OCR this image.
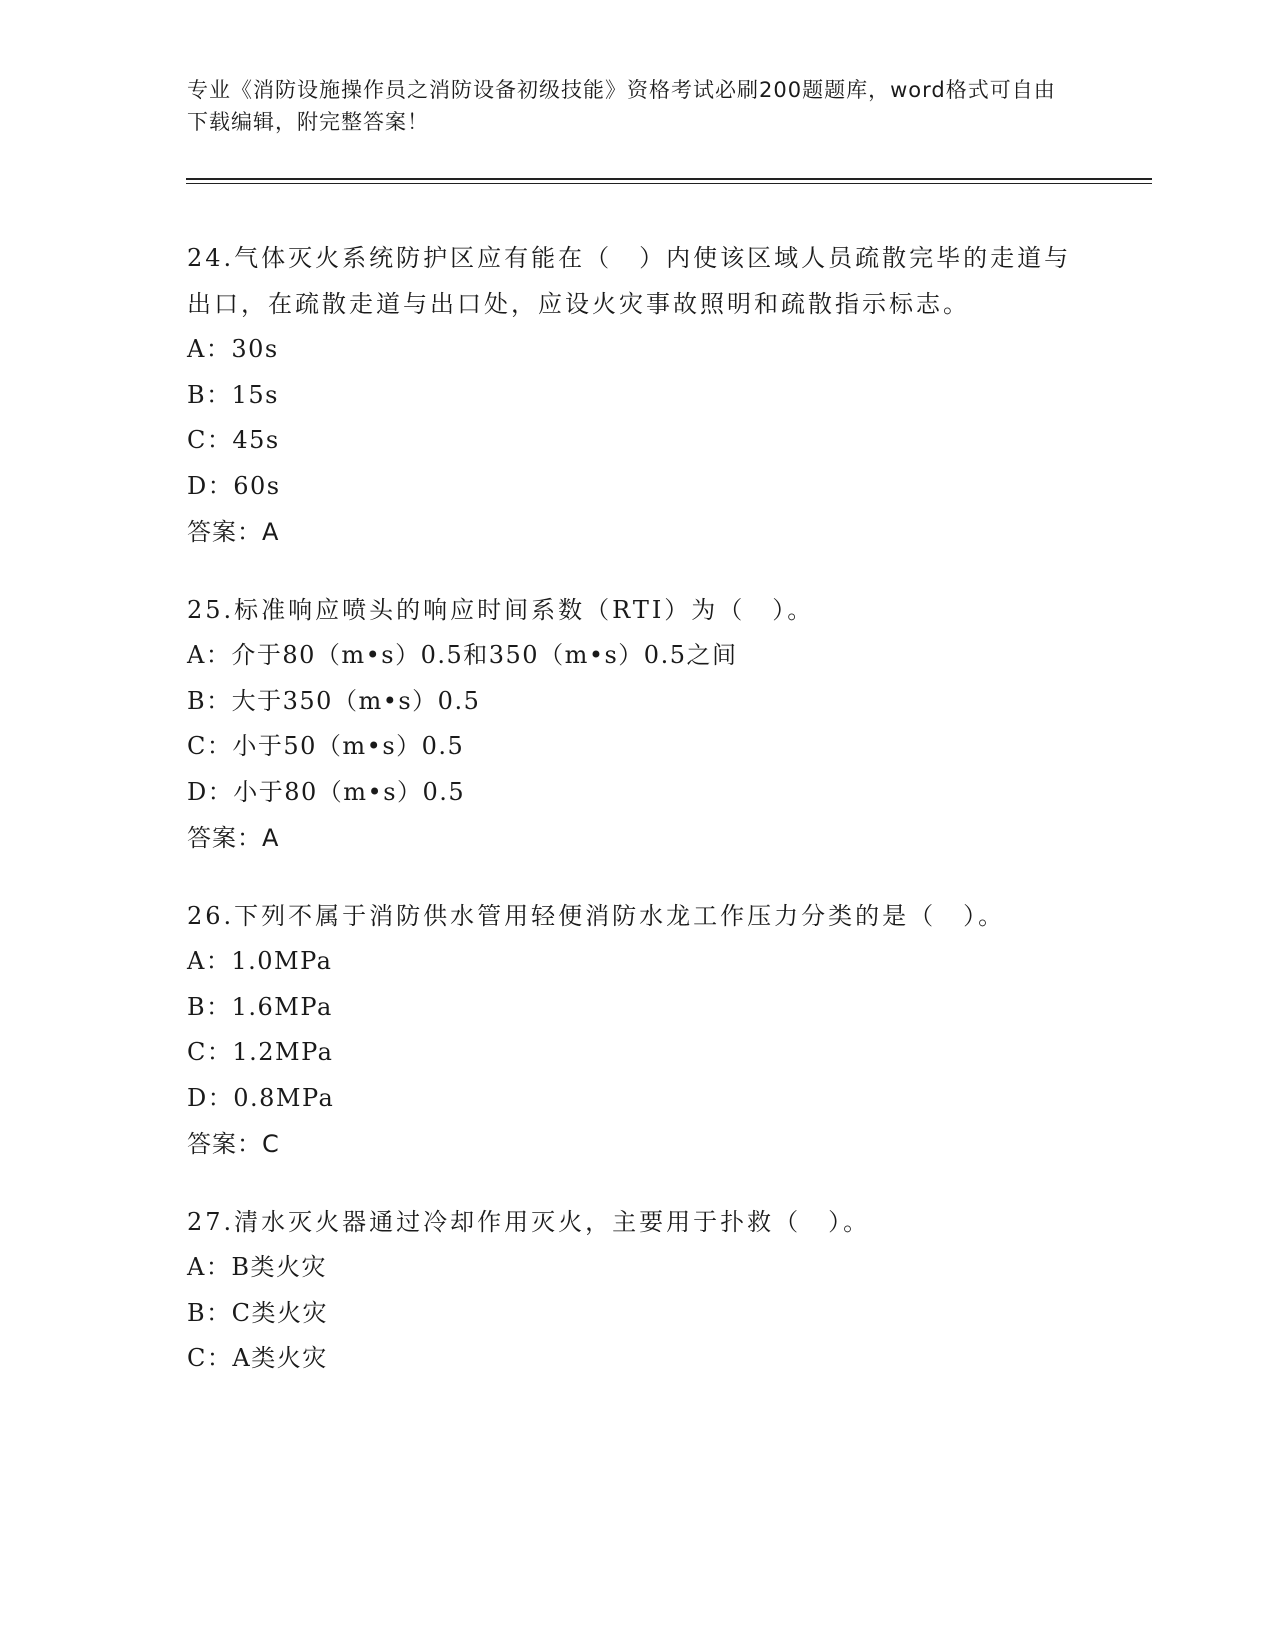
专业《消防设施操作员之消防设备初级技能》资格考试必刷200题题库，word格式可自由下载编辑，附完整答案！

24.气体灭火系统防护区应有能在（　）内使该区域人员疏散完毕的走道与出口，在疏散走道与出口处，应设火灾事故照明和疏散指示标志。

A：30s

B：15s

C：45s

D：60s

答案：A

25.标准响应喷头的响应时间系数（RTI）为（　）。

A：介于80（m•s）0.5和350（m•s）0.5之间

B：大于350（m•s）0.5

C：小于50（m•s）0.5

D：小于80（m•s）0.5

答案：A

26.下列不属于消防供水管用轻便消防水龙工作压力分类的是（　）。

A：1.0MPa

B：1.6MPa

C：1.2MPa

D：0.8MPa

答案：C

27.清水灭火器通过冷却作用灭火，主要用于扑救（　）。

A：B类火灾

B：C类火灾

C：A类火灾
